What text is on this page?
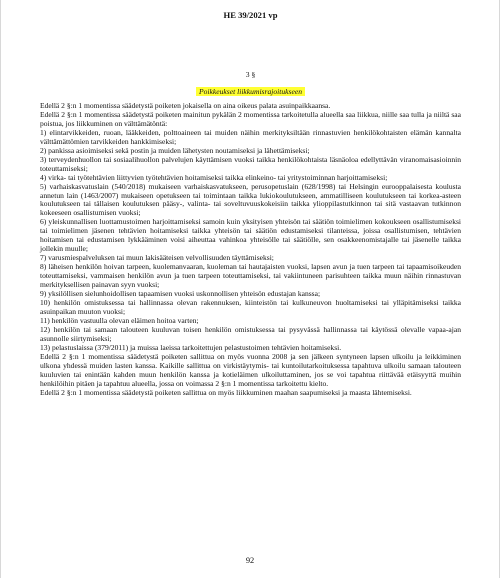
HE 39/2021 vp
3 §
Poikkeukset liikkumisrajoitukseen

Edellä 2 §:n 1 momentissa säädetystä poiketen jokaisella on aina oikeus palata asuinpaikkaansa.

Edellä 2 §:n 1 momentissa säädetystä poiketen mainitun pykälän 2 momentissa tarkoitetulla alueella saa liikkua, niille saa tulla ja niiltä saa poistua, jos liikkuminen on välttämätöntä:

1) elintarvikkeiden, ruoan, lääkkeiden, polttoaineen tai muiden näihin merkityksiltään rinnastuvien henkilökohtaisten elämän kannalta välttämättömien tarvikkeiden hankkimiseksi;

2) pankissa asioimiseksi sekä postin ja muiden lähetysten noutamiseksi ja lähettämiseksi;

3) terveydenhuollon tai sosiaalihuollon palvelujen käyttämisen vuoksi taikka henkilökohtaista läsnäoloa edellyttävän viranomaisasioinnin toteuttamiseksi;

4) virka- tai työtehtävien liittyvien työtehtävien hoitamiseksi taikka elinkeino- tai yritystoiminnan harjoittamiseksi;

5) varhaiskasvatuslain (540/2018) mukaiseen varhaiskasvatukseen, perusopetuslain (628/1998) tai Helsingin eurooppalaisesta koulusta annetun lain (1463/2007) mukaiseen opetukseen tai toimintaan taikka lukiokoulutukseen, ammatilliseen koulutukseen tai korkea-asteen koulutukseen tai tällaisen koulutuksen pääsy-, valinta- tai soveltuvuuskokeisiin taikka ylioppilastutkinnon tai sitä vastaavan tutkinnon kokeeseen osallistumisen vuoksi;

6) yleiskunnallisen luottamustoimen harjoittamiseksi samoin kuin yksityisen yhteisön tai säätiön toimielimen kokoukseen osallistumiseksi tai toimielimen jäsenen tehtävien hoitamiseksi taikka yhteisön tai säätiön edustamiseksi tilanteissa, joissa osallistumisen, tehtävien hoitamisen tai edustamisen lykkääminen voisi aiheuttaa vahinkoa yhteisölle tai säätiölle, sen osakkeenomistajalle tai jäsenelle taikka jollekin muulle;

7) varusmiespalveluksen tai muun lakisääteisen velvollisuuden täyttämiseksi;

8) läheisen henkilön hoivan tarpeen, kuolemanvaaran, kuoleman tai hautajaisten vuoksi, lapsen avun ja tuen tarpeen tai tapaamisoikeuden toteuttamiseksi, vammaisen henkilön avun ja tuen tarpeen toteuttamiseksi, tai vakiintuneen parisuhteen taikka muun näihin rinnastuvan merkityksellisen painavan syyn vuoksi;

9) yksilöllisen sielunhoidollisen tapaamisen vuoksi uskonnollisen yhteisön edustajan kanssa;

10) henkilön omistuksessa tai hallinnassa olevan rakennuksen, kiinteistön tai kulkuneuvon huoltamiseksi tai ylläpitämiseksi taikka asuinpaikan muuton vuoksi;

11) henkilön vastuulla olevan eläimen hoitoa varten;

12) henkilön tai samaan talouteen kuuluvan toisen henkilön omistuksessa tai pysyvässä hallinnassa tai käytössä olevalle vapaa-ajan asunnolle siirtymiseksi;

13) pelastuslaissa (379/2011) ja muissa laeissa tarkoitettujen pelastustoimen tehtävien hoitamiseksi.

Edellä 2 §:n 1 momentissa säädetystä poiketen sallittua on myös vuonna 2008 ja sen jälkeen syntyneen lapsen ulkoilu ja leikkiminen ulkona yhdessä muiden lasten kanssa. Kaikille sallittua on virkistäytymis- tai kuntoilutarkoituksessa tapahtuva ulkoilu samaan talouteen kuuluvien tai enintään kahden muun henkilön kanssa ja kotieläimen ulkoiluttaminen, jos se voi tapahtua riittävää etäisyyttä muihin henkilöihin pitäen ja tapahtuu alueella, jossa on voimassa 2 §:n 1 momentissa tarkoitettu kielto.

Edellä 2 §:n 1 momentissa säädetystä poiketen sallittua on myös liikkuminen maahan saapumiseksi ja maasta lähtemiseksi.

92
